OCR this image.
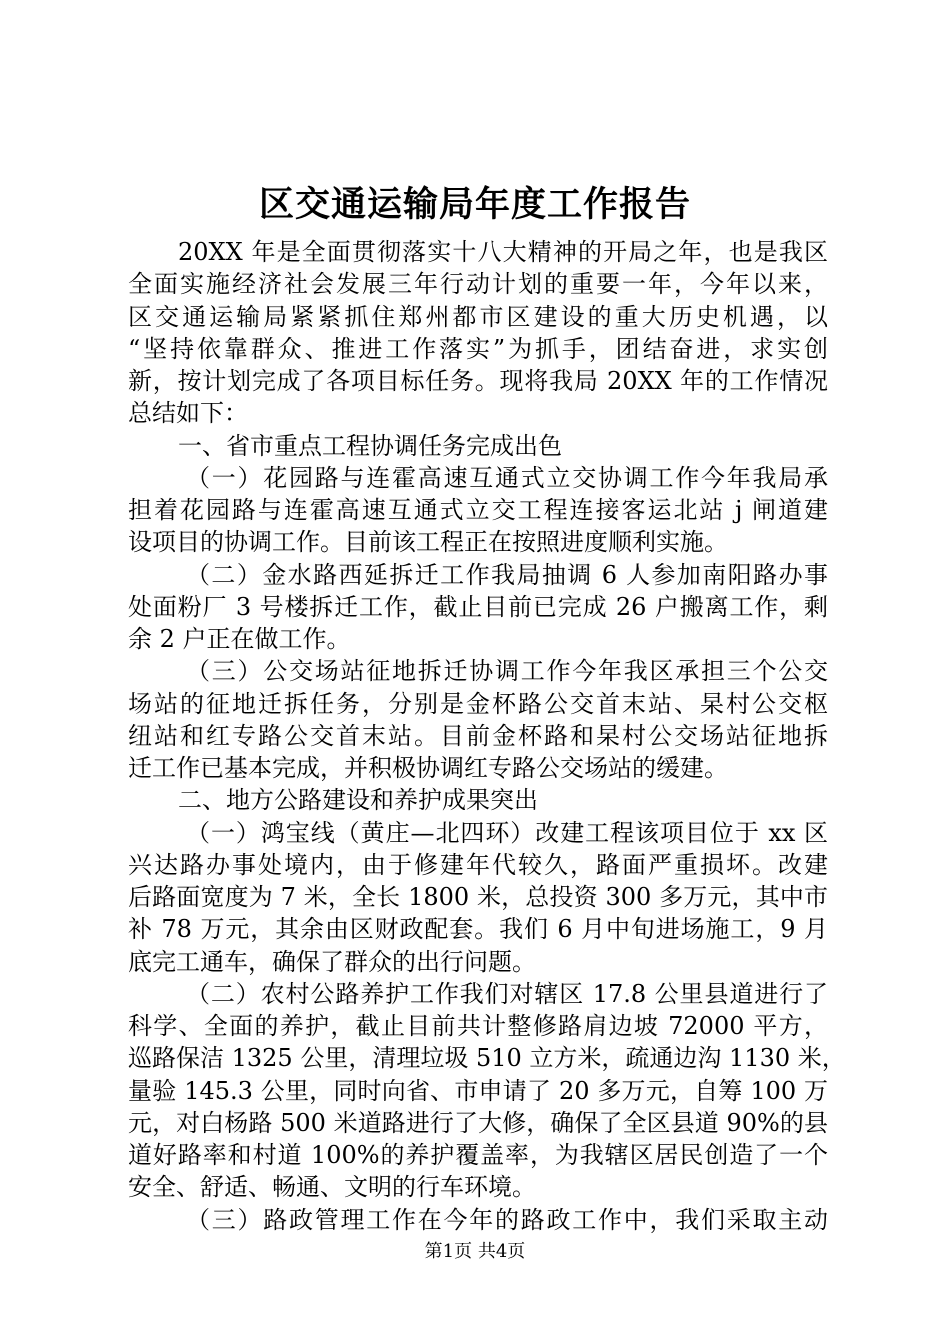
区交通运输局年度工作报告
20XX 年是全面贯彻落实十八大精神的开局之年，也是我区
全面实施经济社会发展三年行动计划的重要一年，今年以来，
区交通运输局紧紧抓住郑州都市区建设的重大历史机遇，以
“坚持依靠群众、推进工作落实”为抓手，团结奋进，求实创
新，按计划完成了各项目标任务。现将我局 20XX 年的工作情况
总结如下：
一、省市重点工程协调任务完成出色
（一）花园路与连霍高速互通式立交协调工作今年我局承
担着花园路与连霍高速互通式立交工程连接客运北站 j 闸道建
设项目的协调工作。目前该工程正在按照进度顺利实施。
（二）金水路西延拆迁工作我局抽调 6 人参加南阳路办事
处面粉厂 3 号楼拆迁工作，截止目前已完成 26 户搬离工作，剩
余 2 户正在做工作。
（三）公交场站征地拆迁协调工作今年我区承担三个公交
场站的征地迁拆任务，分别是金杯路公交首末站、杲村公交枢
纽站和红专路公交首末站。目前金杯路和杲村公交场站征地拆
迁工作已基本完成，并积极协调红专路公交场站的缓建。
二、地方公路建设和养护成果突出
（一）鸿宝线（黄庄—北四环）改建工程该项目位于 xx 区
兴达路办事处境内，由于修建年代较久，路面严重损坏。改建
后路面宽度为 7 米，全长 1800 米，总投资 300 多万元，其中市
补 78 万元，其余由区财政配套。我们 6 月中旬进场施工，9 月
底完工通车，确保了群众的出行问题。
（二）农村公路养护工作我们对辖区 17.8 公里县道进行了
科学、全面的养护，截止目前共计整修路肩边坡 72000 平方，
巡路保洁 1325 公里，清理垃圾 510 立方米，疏通边沟 1130 米，
量验 145.3 公里，同时向省、市申请了 20 多万元，自筹 100 万
元，对白杨路 500 米道路进行了大修，确保了全区县道 90%的县
道好路率和村道 100%的养护覆盖率，为我辖区居民创造了一个
安全、舒适、畅通、文明的行车环境。
（三）路政管理工作在今年的路政工作中，我们采取主动
第1页 共4页
